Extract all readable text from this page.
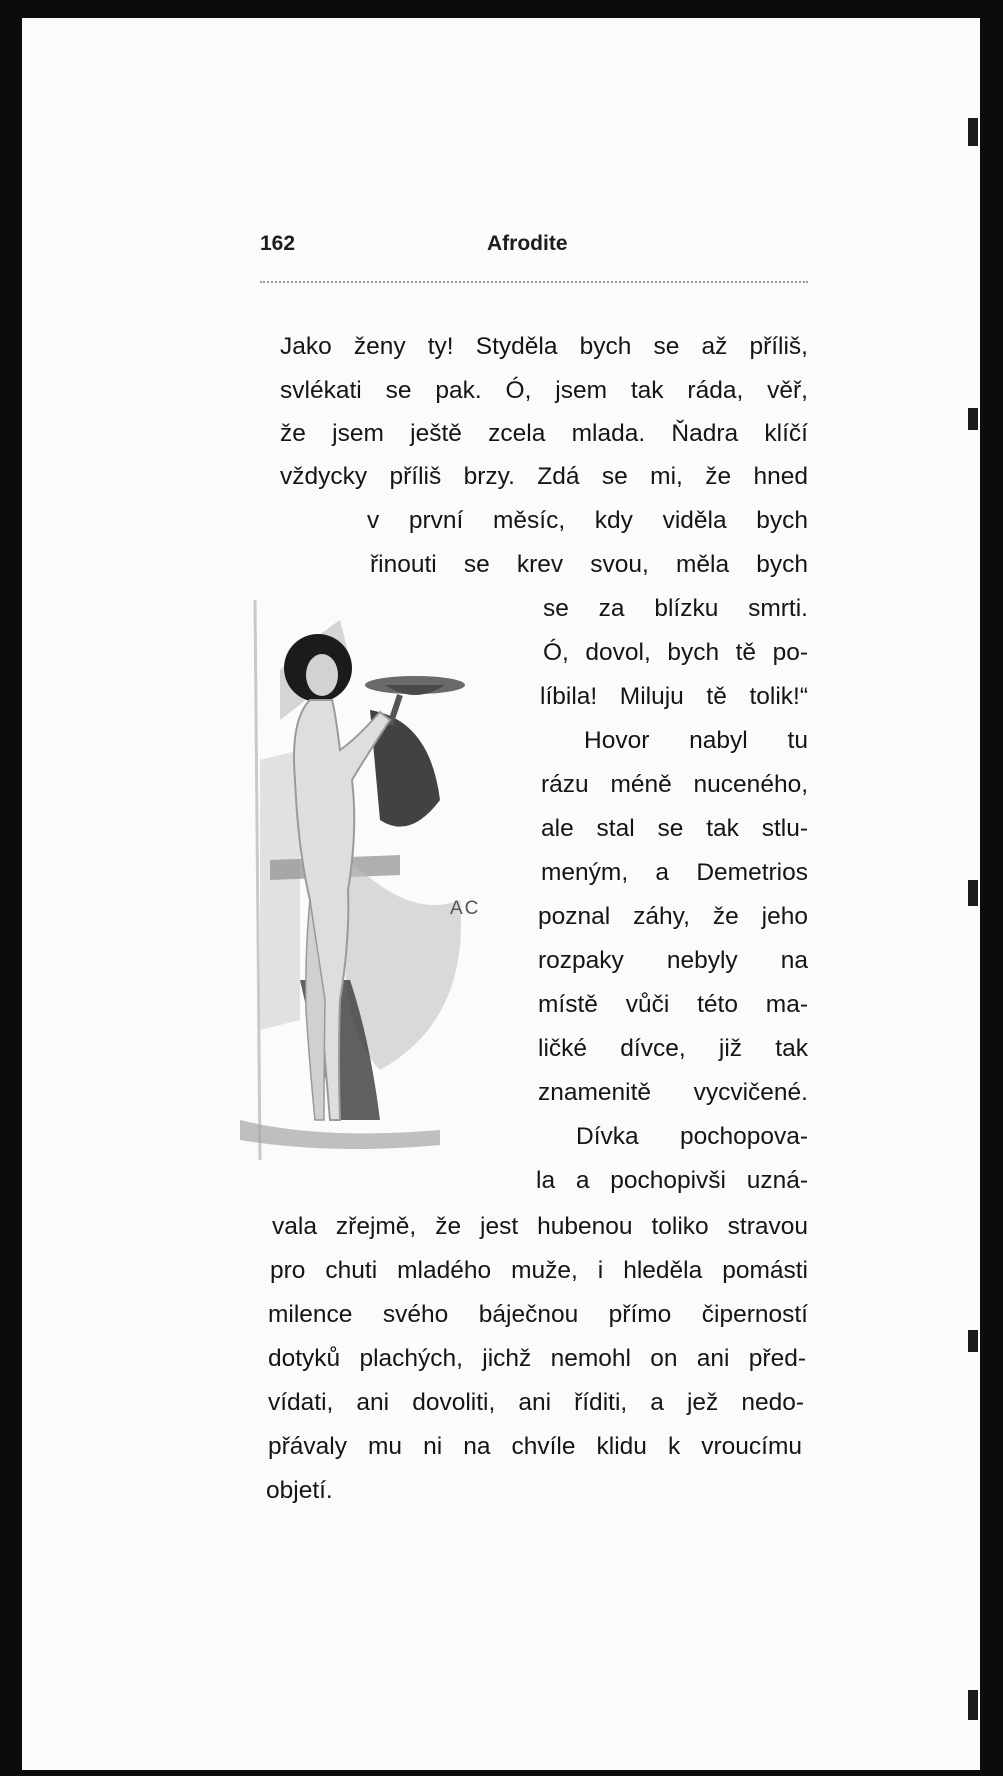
162	Afrodite
Jako ženy ty! Styděla bych se až příliš,
svlékati se pak. Ó, jsem tak ráda, věř,
že jsem ještě zcela mlada. Ňadra klíčí
vždycky příliš brzy. Zdá se mi, že hned
v první měsíc, kdy viděla bych
řinouti se krev svou, měla bych
se za blízku smrti.
Ó, dovol, bych tě po-
líbila! Miluju tě tolik!“
Hovor nabyl tu
rázu méně nuceného,
ale stal se tak stlu-
meným, a Demetrios
poznal záhy, že jeho
rozpaky nebyly na
místě vůči této ma-
ličké dívce, již tak
znamenitě vycvičené.
Dívka pochopova-
la a pochopivši uzná-
vala zřejmě, že jest hubenou toliko stravou
pro chuti mladého muže, i hleděla pomásti
milence svého báječnou přímo čiperností
dotyků plachých, jichž nemohl on ani před-
vídati, ani dovoliti, ani říditi, a jež nedo-
přávaly mu ni na chvíle klidu k vroucímu
objetí.
AC
